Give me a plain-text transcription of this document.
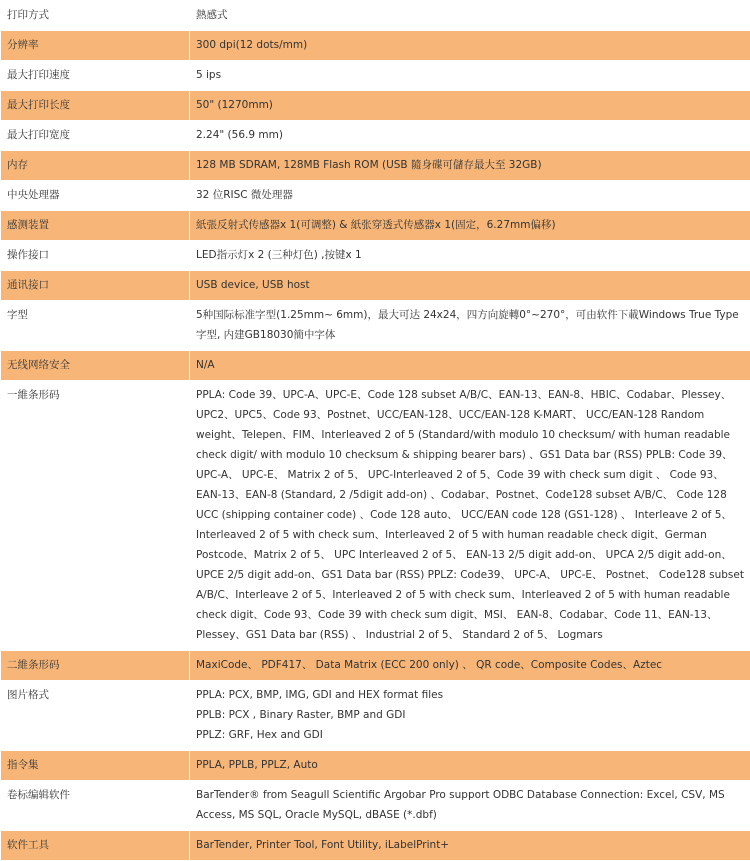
打印方式	熱感式
分辨率	300 dpi(12 dots/mm)
最大打印速度	5 ips
最大打印长度	50" (1270mm)
最大打印宽度	2.24" (56.9 mm)
内存	128 MB SDRAM, 128MB Flash ROM (USB 隨身碟可儲存最大至 32GB)
中央处理器	32 位RISC 微处理器
感测装置	紙張反射式传感器x 1(可调整) & 紙张穿透式传感器x 1(固定，6.27mm偏移)
操作接口	LED指示灯x 2 (三种灯色) ,按键x 1
通讯接口	USB device, USB host
字型	5种国际标准字型(1.25mm~ 6mm)，最大可达 24x24，四方向旋轉0°~270°，可由软件下載Windows True Type 字型, 内建GB18030簡中字体
无线网络安全	N/A
一維条形码	PPLA: Code 39、UPC-A、UPC-E、Code 128 subset A/B/C、EAN-13、EAN-8、HBIC、Codabar、Plessey、UPC2、UPC5、Code 93、Postnet、UCC/EAN-128、UCC/EAN-128 K-MART、 UCC/EAN-128 Random weight、Telepen、FIM、Interleaved 2 of 5 (Standard/with modulo 10 checksum/ with human readable check digit/ with modulo 10 checksum & shipping bearer bars) 、GS1 Data bar (RSS) PPLB: Code 39、 UPC-A、 UPC-E、 Matrix 2 of 5、 UPC-Interleaved 2 of 5、Code 39 with check sum digit 、 Code 93、EAN-13、EAN-8 (Standard, 2 /5digit add-on) 、Codabar、Postnet、Code128 subset A/B/C、 Code 128 UCC (shipping container code) 、Code 128 auto、 UCC/EAN code 128 (GS1-128) 、 Interleave 2 of 5、Interleaved 2 of 5 with check sum、Interleaved 2 of 5 with human readable check digit、German Postcode、Matrix 2 of 5、 UPC Interleaved 2 of 5、 EAN-13 2/5 digit add-on、 UPCA 2/5 digit add-on、UPCE 2/5 digit add-on、GS1 Data bar (RSS) PPLZ: Code39、 UPC-A、 UPC-E、 Postnet、 Code128 subset A/B/C、Interleave 2 of 5、Interleaved 2 of 5 with check sum、Interleaved 2 of 5 with human readable check digit、Code 93、Code 39 with check sum digit、MSI、 EAN-8、Codabar、Code 11、EAN-13、Plessey、GS1 Data bar (RSS) 、 Industrial 2 of 5、 Standard 2 of 5、 Logmars
二維条形码	MaxiCode、 PDF417、 Data Matrix (ECC 200 only) 、 QR code、Composite Codes、Aztec
图片格式	PPLA: PCX, BMP, IMG, GDI and HEX format files
PPLB: PCX , Binary Raster, BMP and GDI
PPLZ: GRF, Hex and GDI

指令集	PPLA, PPLB, PPLZ, Auto
卷标编辑软件	BarTender® from Seagull Scientific Argobar Pro support ODBC Database Connection: Excel, CSV, MS Access, MS SQL, Oracle MySQL, dBASE (*.dbf)
软件工具	BarTender, Printer Tool, Font Utility, iLabelPrint+
